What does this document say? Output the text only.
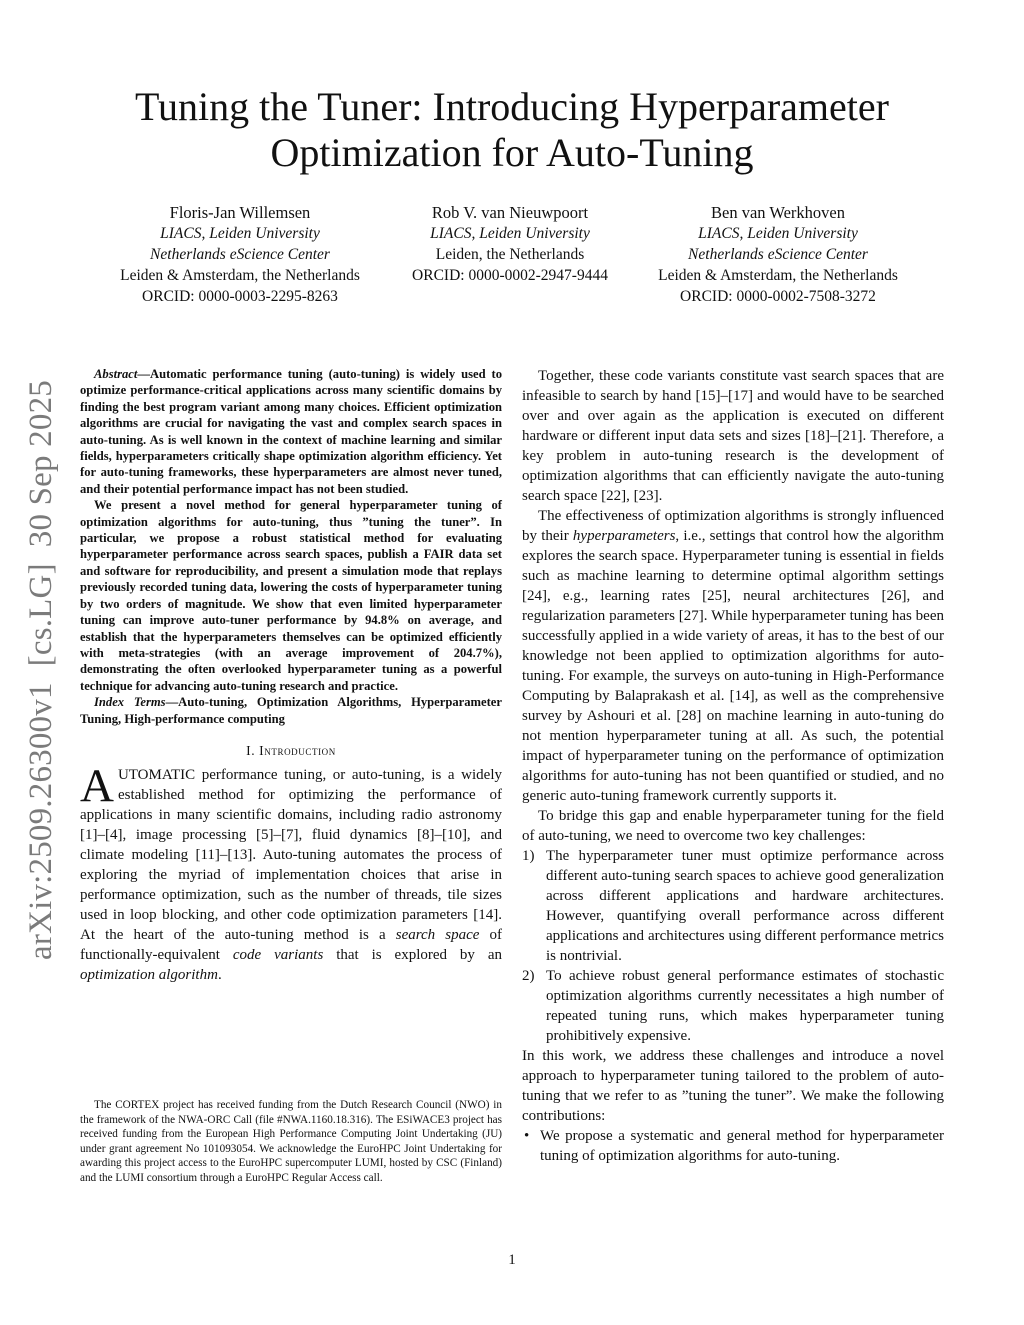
Tuning the Tuner: Introducing Hyperparameter
Optimization for Auto-Tuning
Floris-Jan Willemsen
LIACS, Leiden University
Netherlands eScience Center
Leiden & Amsterdam, the Netherlands
ORCID: 0000-0003-2295-8263
Rob V. van Nieuwpoort
LIACS, Leiden University
Leiden, the Netherlands
ORCID: 0000-0002-2947-9444
Ben van Werkhoven
LIACS, Leiden University
Netherlands eScience Center
Leiden & Amsterdam, the Netherlands
ORCID: 0000-0002-7508-3272
arXiv:2509.26300v1[cs.LG]30 Sep 2025

Abstract—Automatic performance tuning (auto-tuning) is widely used to optimize performance-critical applications across many scientific domains by finding the best program variant among many choices. Efficient optimization algorithms are crucial for navigating the vast and complex search spaces in auto-tuning. As is well known in the context of machine learning and similar fields, hyperparameters critically shape optimization algorithm efficiency. Yet for auto-tuning frameworks, these hyperparameters are almost never tuned, and their potential performance impact has not been studied.

We present a novel method for general hyperparameter tuning of optimization algorithms for auto-tuning, thus ”tuning the tuner”. In particular, we propose a robust statistical method for evaluating hyperparameter performance across search spaces, publish a FAIR data set and software for reproducibility, and present a simulation mode that replays previously recorded tuning data, lowering the costs of hyperparameter tuning by two orders of magnitude. We show that even limited hyperparameter tuning can improve auto-tuner performance by 94.8% on average, and establish that the hyperparameters themselves can be optimized efficiently with meta-strategies (with an average improvement of 204.7%), demonstrating the often overlooked hyperparameter tuning as a powerful technique for advancing auto-tuning research and practice.

Index Terms—Auto-tuning, Optimization Algorithms, Hyperparameter Tuning, High-performance computing

I. Introduction

AUTOMATIC performance tuning, or auto-tuning, is a widely established method for optimizing the performance of applications in many scientific domains, including radio astronomy [1]–[4], image processing [5]–[7], fluid dynamics [8]–[10], and climate modeling [11]–[13]. Auto-tuning automates the process of exploring the myriad of implementation choices that arise in performance optimization, such as the number of threads, tile sizes used in loop blocking, and other code optimization parameters [14]. At the heart of the auto-tuning method is a search space of functionally-equivalent code variants that is explored by an optimization algorithm.

The CORTEX project has received funding from the Dutch Research Council (NWO) in the framework of the NWA-ORC Call (file #NWA.1160.18.316). The ESiWACE3 project has received funding from the European High Performance Computing Joint Undertaking (JU) under grant agreement No 101093054. We acknowledge the EuroHPC Joint Undertaking for awarding this project access to the EuroHPC supercomputer LUMI, hosted by CSC (Finland) and the LUMI consortium through a EuroHPC Regular Access call.

Together, these code variants constitute vast search spaces that are infeasible to search by hand [15]–[17] and would have to be searched over and over again as the application is executed on different hardware or different input data sets and sizes [18]–[21]. Therefore, a key problem in auto-tuning research is the development of optimization algorithms that can efficiently navigate the auto-tuning search space [22], [23].

The effectiveness of optimization algorithms is strongly influenced by their hyperparameters, i.e., settings that control how the algorithm explores the search space. Hyperparameter tuning is essential in fields such as machine learning to determine optimal algorithm settings [24], e.g., learning rates [25], neural architectures [26], and regularization parameters [27]. While hyperparameter tuning has been successfully applied in a wide variety of areas, it has to the best of our knowledge not been applied to optimization algorithms for auto-tuning. For example, the surveys on auto-tuning in High-Performance Computing by Balaprakash et al. [14], as well as the comprehensive survey by Ashouri et al. [28] on machine learning in auto-tuning do not mention hyperparameter tuning at all. As such, the potential impact of hyperparameter tuning on the performance of optimization algorithms for auto-tuning has not been quantified or studied, and no generic auto-tuning framework currently supports it.

To bridge this gap and enable hyperparameter tuning for the field of auto-tuning, we need to overcome two key challenges:

1) The hyperparameter tuner must optimize performance across different auto-tuning search spaces to achieve good generalization across different applications and hardware architectures. However, quantifying overall performance across different applications and architectures using different performance metrics is nontrivial.
2) To achieve robust general performance estimates of stochastic optimization algorithms currently necessitates a high number of repeated tuning runs, which makes hyperparameter tuning prohibitively expensive.

In this work, we address these challenges and introduce a novel approach to hyperparameter tuning tailored to the problem of auto-tuning that we refer to as ”tuning the tuner”. We make the following contributions:

• We propose a systematic and general method for hyperparameter tuning of optimization algorithms for auto-tuning.
1
